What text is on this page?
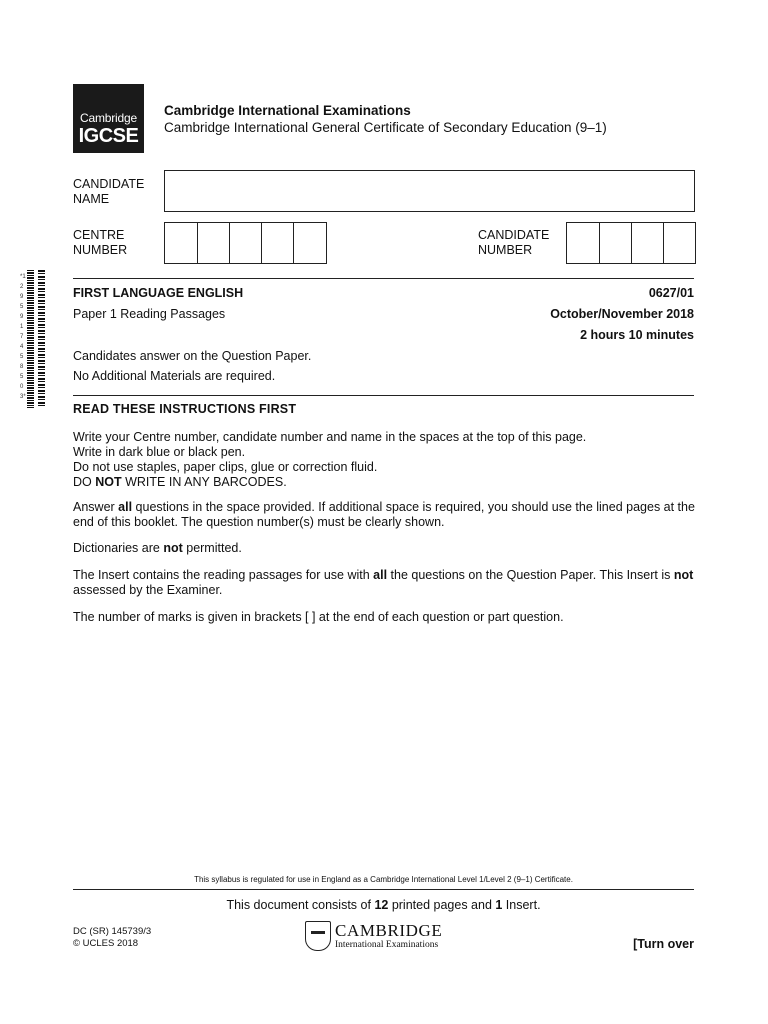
Cambridge
IGCSE
Cambridge International Examinations
Cambridge International General Certificate of Secondary Education (9–1)
CANDIDATE
NAME
CENTRE
NUMBER
CANDIDATE
NUMBER
*1295917458503*
FIRST LANGUAGE ENGLISH	0627/01
Paper 1 Reading Passages	October/November 2018
2 hours 10 minutes
Candidates answer on the Question Paper.
No Additional Materials are required.
READ THESE INSTRUCTIONS FIRST

Write your Centre number, candidate number and name in the spaces at the top of this page.

Write in dark blue or black pen.

Do not use staples, paper clips, glue or correction fluid.

DO NOT WRITE IN ANY BARCODES.

Answer all questions in the space provided. If additional space is required, you should use the lined pages at the end of this booklet. The question number(s) must be clearly shown.
Dictionaries are not permitted.
The Insert contains the reading passages for use with all the questions on the Question Paper. This Insert is not assessed by the Examiner.
The number of marks is given in brackets [ ] at the end of each question or part question.
This syllabus is regulated for use in England as a Cambridge International Level 1/Level 2 (9–1) Certificate.
This document consists of 12 printed pages and 1 Insert.
DC (SR) 145739/3
© UCLES 2018
CAMBRIDGE
International Examinations	[Turn over
